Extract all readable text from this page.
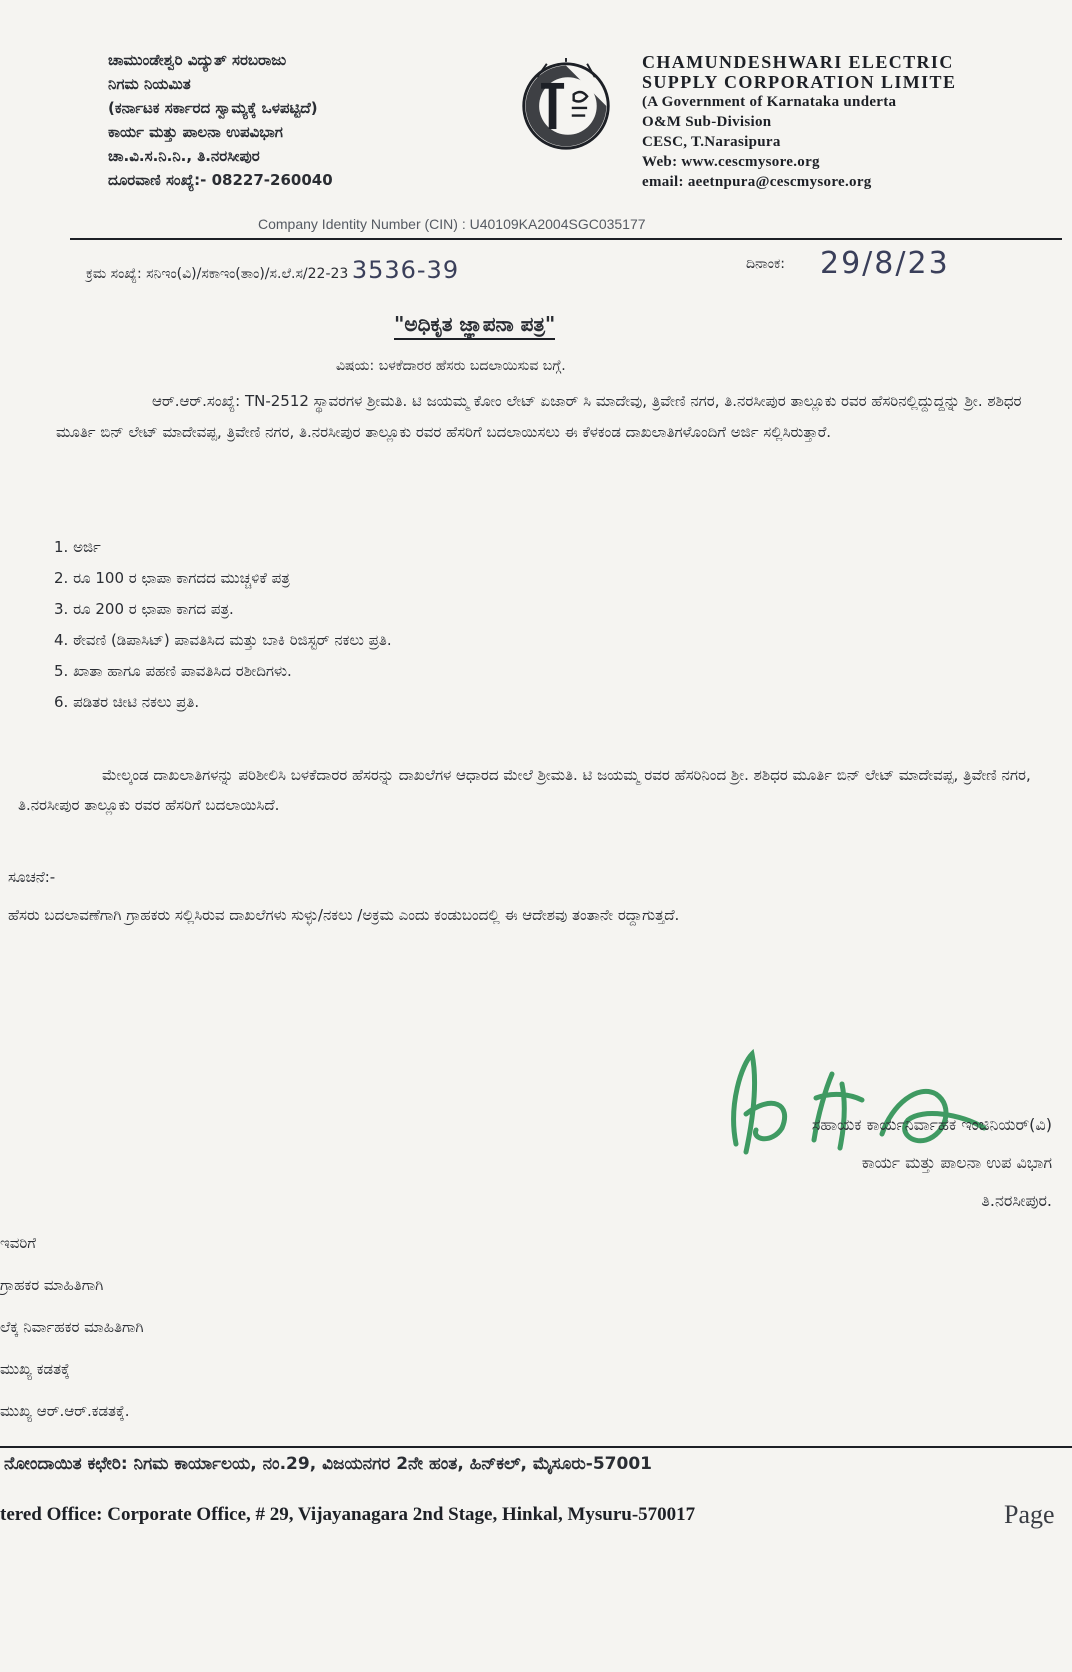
ಚಾಮುಂಡೇಶ್ವರಿ ವಿದ್ಯುತ್ ಸರಬರಾಜು
ನಿಗಮ ನಿಯಮಿತ
(ಕರ್ನಾಟಕ ಸರ್ಕಾರದ ಸ್ವಾಮ್ಯಕ್ಕೆ ಒಳಪಟ್ಟಿದೆ)
ಕಾರ್ಯ ಮತ್ತು ಪಾಲನಾ ಉಪವಿಭಾಗ
ಚಾ.ವಿ.ಸ.ನಿ.ನಿ., ತಿ.ನರಸೀಪುರ
ದೂರವಾಣಿ ಸಂಖ್ಯೆ:- 08227-260040
CHAMUNDESHWARI ELECTRIC
SUPPLY CORPORATION LIMITE
(A Government of Karnataka underta
O&M Sub-Division
CESC, T.Narasipura
Web: www.cescmysore.org
email: aeetnpura@cescmysore.org
Company Identity Number (CIN) : U40109KA2004SGC035177
ಕ್ರಮ ಸಂಖ್ಯೆ: ಸನಿಇಂ(ವಿ)/ಸಕಾಇಂ(ತಾಂ)/ಸ.ಲೆ.ಸ/22-23 3536-39	ದಿನಾಂಕ: 29/8/23
"ಅಧಿಕೃತ ಜ್ಞಾಪನಾ ಪತ್ರ"
ವಿಷಯ: ಬಳಕೆದಾರರ ಹೆಸರು ಬದಲಾಯಿಸುವ ಬಗ್ಗೆ.
ಆರ್.ಆರ್.ಸಂಖ್ಯೆ: TN-2512 ಸ್ಥಾವರಗಳ ಶ್ರೀಮತಿ. ಟಿ ಜಯಮ್ಮ ಕೋಂ ಲೇಟ್ ಏಜಾರ್ ಸಿ ಮಾದೇವು, ತ್ರಿವೇಣಿ ನಗರ, ತಿ.ನರಸೀಪುರ ತಾಲ್ಲೂಕು ರವರ ಹೆಸರಿನಲ್ಲಿದ್ದುದ್ದನ್ನು ಶ್ರೀ. ಶಶಿಧರ ಮೂರ್ತಿ ಬಿನ್ ಲೇಟ್ ಮಾದೇವಪ್ಪ, ತ್ರಿವೇಣಿ ನಗರ, ತಿ.ನರಸೀಪುರ ತಾಲ್ಲೂಕು ರವರ ಹೆಸರಿಗೆ ಬದಲಾಯಿಸಲು ಈ ಕೆಳಕಂಡ ದಾಖಲಾತಿಗಳೊಂದಿಗೆ ಅರ್ಜಿ ಸಲ್ಲಿಸಿರುತ್ತಾರೆ.
1. ಅರ್ಜಿ
2. ರೂ 100 ರ ಛಾಪಾ ಕಾಗದದ ಮುಚ್ಚಳಿಕೆ ಪತ್ರ
3. ರೂ 200 ರ ಛಾಪಾ ಕಾಗದ ಪತ್ರ.
4. ಠೇವಣಿ (ಡಿಪಾಸಿಟ್) ಪಾವತಿಸಿದ ಮತ್ತು ಬಾಕಿ ರಿಜಿಸ್ಟರ್ ನಕಲು ಪ್ರತಿ.
5. ಖಾತಾ ಹಾಗೂ ಪಹಣಿ ಪಾವತಿಸಿದ ರಶೀದಿಗಳು.
6. ಪಡಿತರ ಚೀಟಿ ನಕಲು ಪ್ರತಿ.
ಮೇಲ್ಕಂಡ ದಾಖಲಾತಿಗಳನ್ನು ಪರಿಶೀಲಿಸಿ ಬಳಕೆದಾರರ ಹೆಸರನ್ನು ದಾಖಲೆಗಳ ಆಧಾರದ ಮೇಲೆ ಶ್ರೀಮತಿ. ಟಿ ಜಯಮ್ಮ ರವರ ಹೆಸರಿನಿಂದ ಶ್ರೀ. ಶಶಿಧರ ಮೂರ್ತಿ ಬಿನ್ ಲೇಟ್ ಮಾದೇವಪ್ಪ, ತ್ರಿವೇಣಿ ನಗರ, ತಿ.ನರಸೀಪುರ ತಾಲ್ಲೂಕು ರವರ ಹೆಸರಿಗೆ ಬದಲಾಯಿಸಿದೆ.
ಸೂಚನೆ:-
ಹೆಸರು ಬದಲಾವಣೆಗಾಗಿ ಗ್ರಾಹಕರು ಸಲ್ಲಿಸಿರುವ ದಾಖಲೆಗಳು ಸುಳ್ಳು/ನಕಲು /ಅಕ್ರಮ ಎಂದು ಕಂಡುಬಂದಲ್ಲಿ ಈ ಆದೇಶವು ತಂತಾನೇ ರದ್ದಾಗುತ್ತದೆ.
ಸಹಾಯಕ ಕಾರ್ಯನಿರ್ವಾಹಕ ಇಂಜಿನಿಯರ್(ವಿ)
ಕಾರ್ಯ ಮತ್ತು ಪಾಲನಾ ಉಪ ವಿಭಾಗ
ತಿ.ನರಸೀಪುರ.
ಇವರಿಗೆ
ಗ್ರಾಹಕರ ಮಾಹಿತಿಗಾಗಿ
ಲೆಕ್ಕ ನಿರ್ವಾಹಕರ ಮಾಹಿತಿಗಾಗಿ
ಮುಖ್ಯ ಕಡತಕ್ಕೆ
ಮುಖ್ಯ ಆರ್.ಆರ್.ಕಡತಕ್ಕೆ.
ನೋಂದಾಯಿತ ಕಛೇರಿ: ನಿಗಮ ಕಾರ್ಯಾಲಯ, ನಂ.29, ವಿಜಯನಗರ 2ನೇ ಹಂತ, ಹಿನ್‌ಕಲ್, ಮೈಸೂರು-57001
tered Office: Corporate Office, # 29, Vijayanagara 2nd Stage, Hinkal, Mysuru-570017	Page
